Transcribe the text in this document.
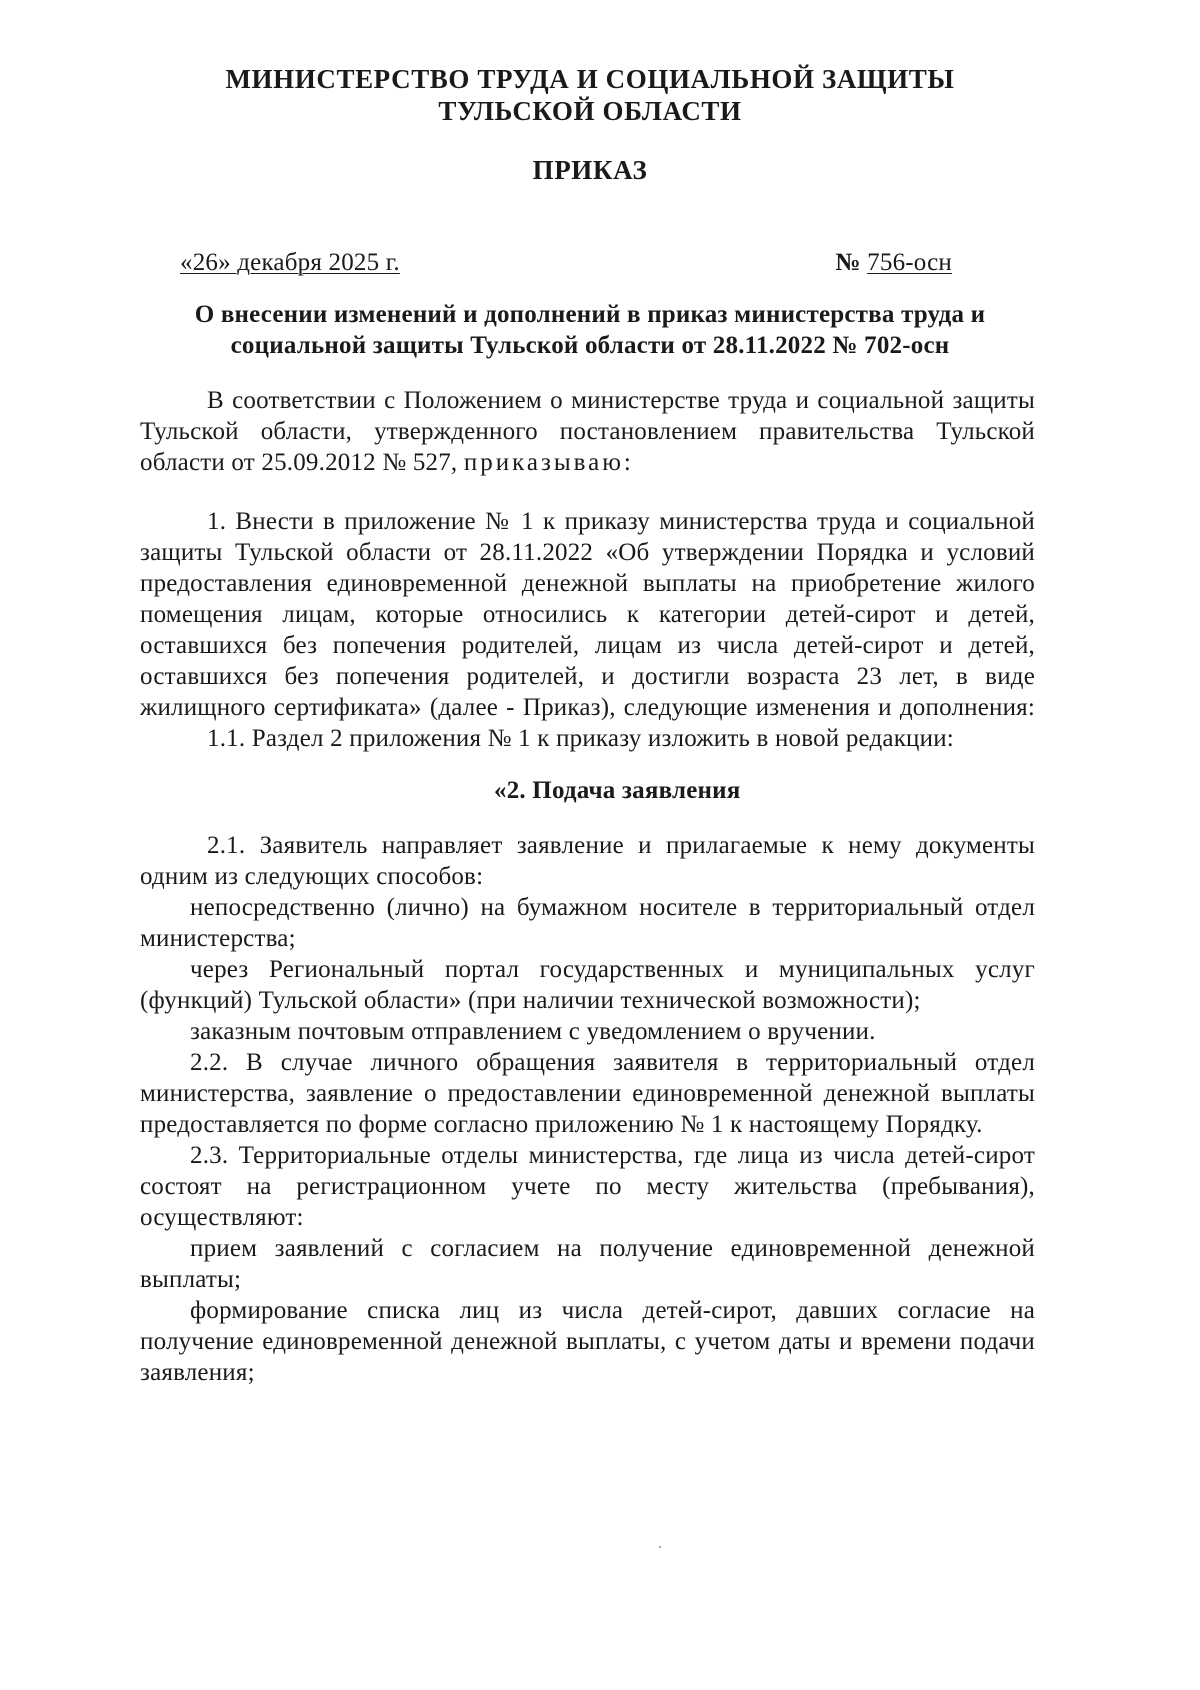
МИНИСТЕРСТВО ТРУДА И СОЦИАЛЬНОЙ ЗАЩИТЫ
ТУЛЬСКОЙ ОБЛАСТИ
ПРИКАЗ
«26» декабря 2025 г.	№ 756-осн
О внесении изменений и дополнений в приказ министерства труда и
социальной защиты Тульской области от 28.11.2022 № 702-осн
В соответствии с Положением о министерстве труда и социальной защиты
Тульской области, утвержденного постановлением правительства Тульской
области от 25.09.2012 № 527, приказываю:
1. Внести в приложение № 1 к приказу министерства труда и социальной
защиты Тульской области от 28.11.2022 «Об утверждении Порядка и условий
предоставления единовременной денежной выплаты на приобретение жилого
помещения лицам, которые относились к категории детей-сирот и детей,
оставшихся без попечения родителей, лицам из числа детей-сирот и детей,
оставшихся без попечения родителей, и достигли возраста 23 лет, в виде
жилищного сертификата» (далее - Приказ), следующие изменения и дополнения:
1.1. Раздел 2 приложения № 1 к приказу изложить в новой редакции:
«2. Подача заявления
2.1. Заявитель направляет заявление и прилагаемые к нему документы
одним из следующих способов:
непосредственно (лично) на бумажном носителе в территориальный отдел
министерства;
через Региональный портал государственных и муниципальных услуг
(функций) Тульской области» (при наличии технической возможности);
заказным почтовым отправлением с уведомлением о вручении.
2.2. В случае личного обращения заявителя в территориальный отдел
министерства, заявление о предоставлении единовременной денежной выплаты
предоставляется по форме согласно приложению № 1 к настоящему Порядку.
2.3. Территориальные отделы министерства, где лица из числа детей-сирот
состоят на регистрационном учете по месту жительства (пребывания),
осуществляют:
прием заявлений с согласием на получение единовременной денежной
выплаты;
формирование списка лиц из числа детей-сирот, давших согласие на
получение единовременной денежной выплаты, с учетом даты и времени подачи
заявления;
